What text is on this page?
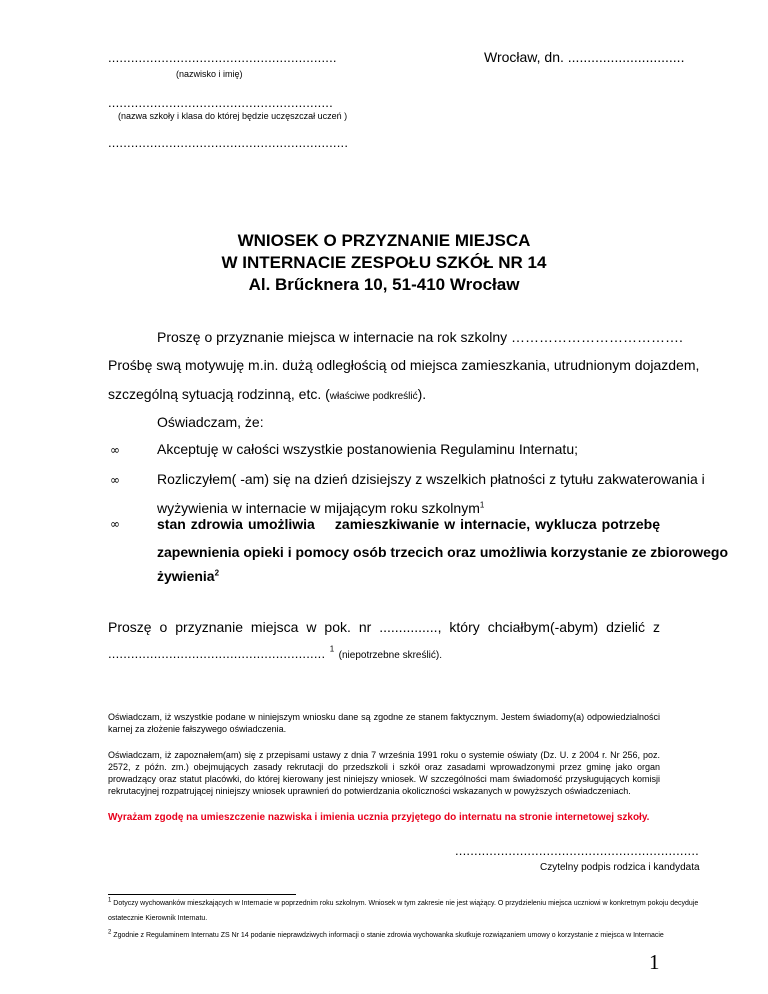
............................................................
(nazwisko i imię)
Wrocław, dn. ..............................
...........................................................
(nazwa szkoły i klasa do której będzie uczęszczał uczeń )
...............................................................
WNIOSEK O PRZYZNANIE MIEJSCA
W INTERNACIE ZESPOŁU SZKÓŁ NR 14
Al. Brűcknera 10, 51-410 Wrocław
Proszę o przyznanie miejsca w internacie na rok szkolny ……………………………….
Prośbę swą motywuję m.in. dużą odległością od miejsca zamieszkania, utrudnionym dojazdem,
szczególną sytuacją rodzinną, etc. (właściwe podkreślić).
Oświadczam, że:
∞	Akceptuję w całości wszystkie postanowienia Regulaminu Internatu;
∞	Rozliczyłem( -am) się na dzień dzisiejszy z wszelkich płatności z tytułu zakwaterowania i
wyżywienia w internacie w mijającym roku szkolnym$^1$
∞	stan zdrowia umożliwia    zamieszkiwanie w internacie, wyklucza potrzebę
zapewnienia opieki i pomocy osób trzecich oraz umożliwia korzystanie ze zbiorowego
żywienia$^2$
Proszę o przyznanie miejsca w pok. nr ..............., który chciałbym(-abym) dzielić z
......................................................... $^1$ (niepotrzebne skreślić).
Oświadczam, iż wszystkie podane w niniejszym wniosku dane są zgodne ze stanem faktycznym. Jestem świadomy(a) odpowiedzialności karnej za złożenie fałszywego oświadczenia.
Oświadczam, iż zapoznałem(am) się z przepisami ustawy z dnia 7 września 1991 roku o systemie oświaty (Dz. U. z 2004 r. Nr 256, poz. 2572, z późn. zm.) obejmujących zasady rekrutacji do przedszkoli i szkół oraz zasadami wprowadzonymi przez gminę jako organ prowadzący oraz statut placówki, do której kierowany jest niniejszy wniosek. W szczególności mam świadomość przysługujących komisji rekrutacyjnej rozpatrującej niniejszy wniosek uprawnień do potwierdzania okoliczności wskazanych w powyższych oświadczeniach.
Wyrażam zgodę na umieszczenie nazwiska i imienia ucznia przyjętego do internatu na stronie internetowej szkoły.
................................................................
Czytelny podpis rodzica i kandydata
$^1$ Dotyczy wychowanków mieszkających w Internacie w poprzednim roku szkolnym. Wniosek w tym zakresie nie jest wiążący. O przydzieleniu miejsca uczniowi w konkretnym pokoju decyduje
ostatecznie Kierownik Internatu.
$^2$ Zgodnie z Regulaminem Internatu ZS Nr 14 podanie nieprawdziwych informacji o stanie zdrowia wychowanka skutkuje rozwiązaniem umowy o korzystanie z miejsca w Internacie
1
